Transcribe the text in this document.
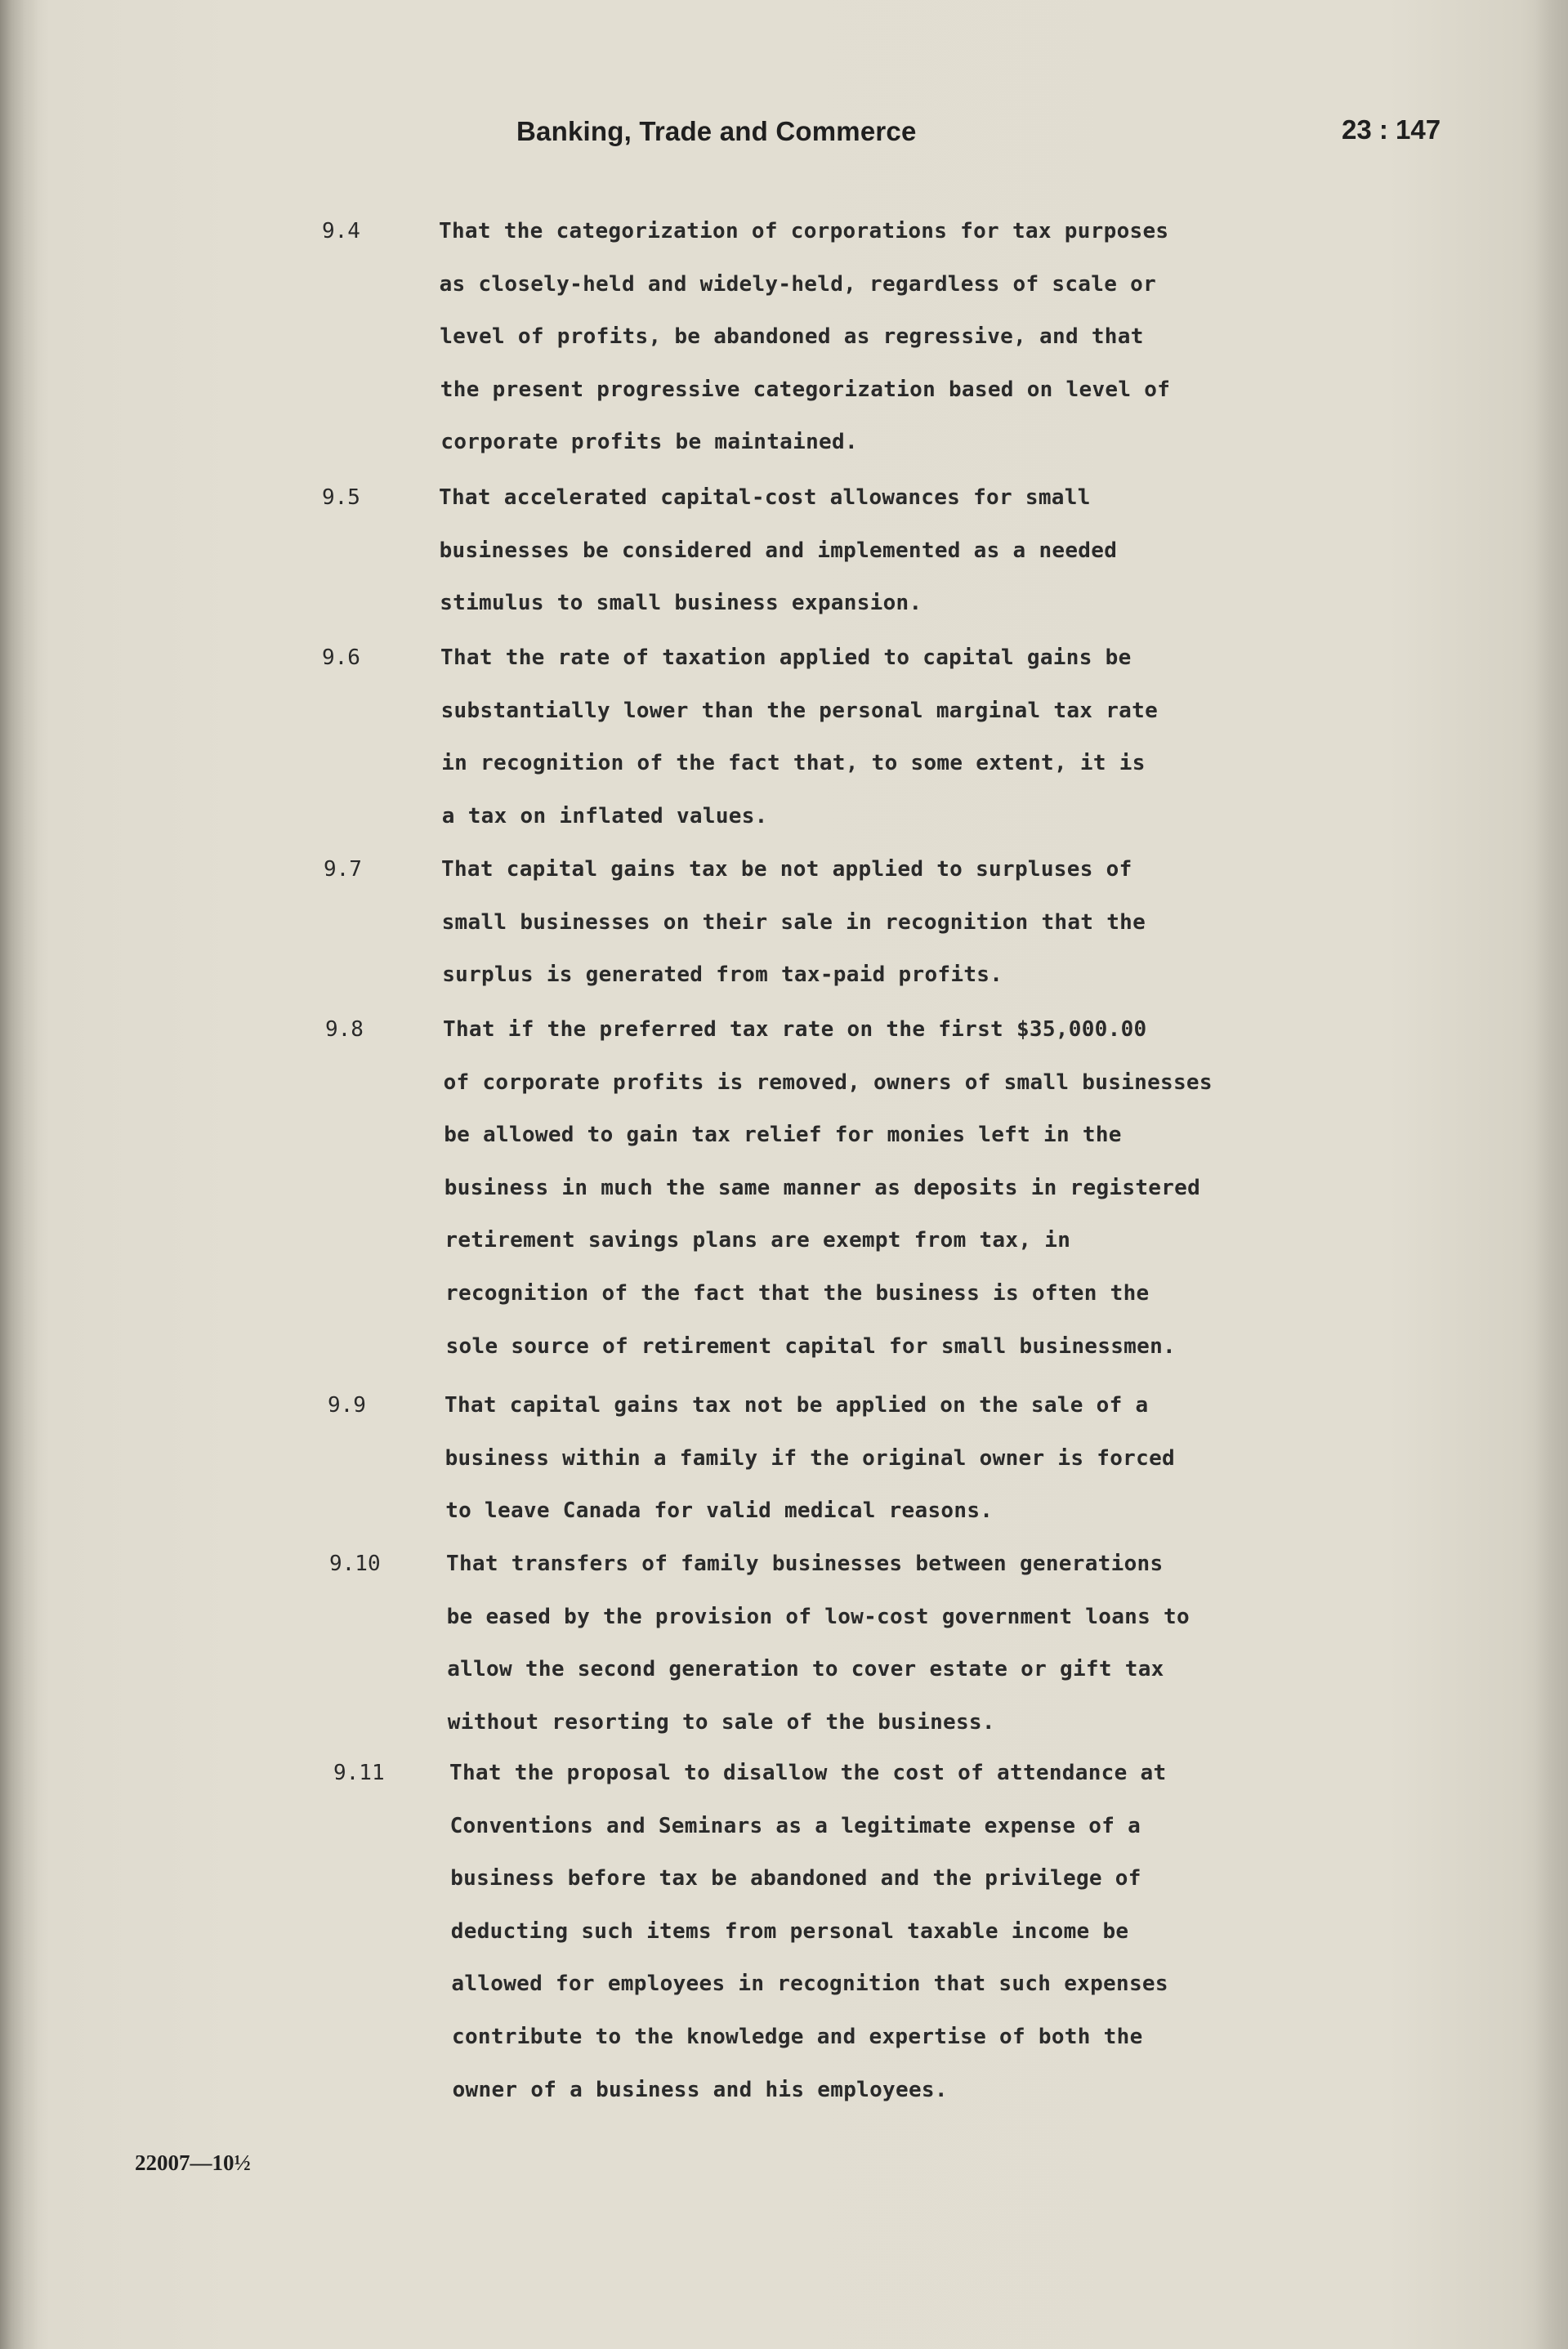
Banking, Trade and Commerce	23 : 147
9.4	That the categorization of corporations for tax purposes
as closely-held and widely-held, regardless of scale or
level of profits, be abandoned as regressive, and that
the present progressive categorization based on level of
corporate profits be maintained.
9.5	That accelerated capital-cost allowances for small
businesses be considered and implemented as a needed
stimulus to small business expansion.
9.6	That the rate of taxation applied to capital gains be
substantially lower than the personal marginal tax rate
in recognition of the fact that, to some extent, it is
a tax on inflated values.
9.7	That capital gains tax be not applied to surpluses of
small businesses on their sale in recognition that the
surplus is generated from tax-paid profits.
9.8	That if the preferred tax rate on the first $35,000.00
of corporate profits is removed, owners of small businesses
be allowed to gain tax relief for monies left in the
business in much the same manner as deposits in registered
retirement savings plans are exempt from tax, in
recognition of the fact that the business is often the
sole source of retirement capital for small businessmen.
9.9	That capital gains tax not be applied on the sale of a
business within a family if the original owner is forced
to leave Canada for valid medical reasons.
9.10	That transfers of family businesses between generations
be eased by the provision of low-cost government loans to
allow the second generation to cover estate or gift tax
without resorting to sale of the business.
9.11	That the proposal to disallow the cost of attendance at
Conventions and Seminars as a legitimate expense of a
business before tax be abandoned and the privilege of
deducting such items from personal taxable income be
allowed for employees in recognition that such expenses
contribute to the knowledge and expertise of both the
owner of a business and his employees.
22007—10½
